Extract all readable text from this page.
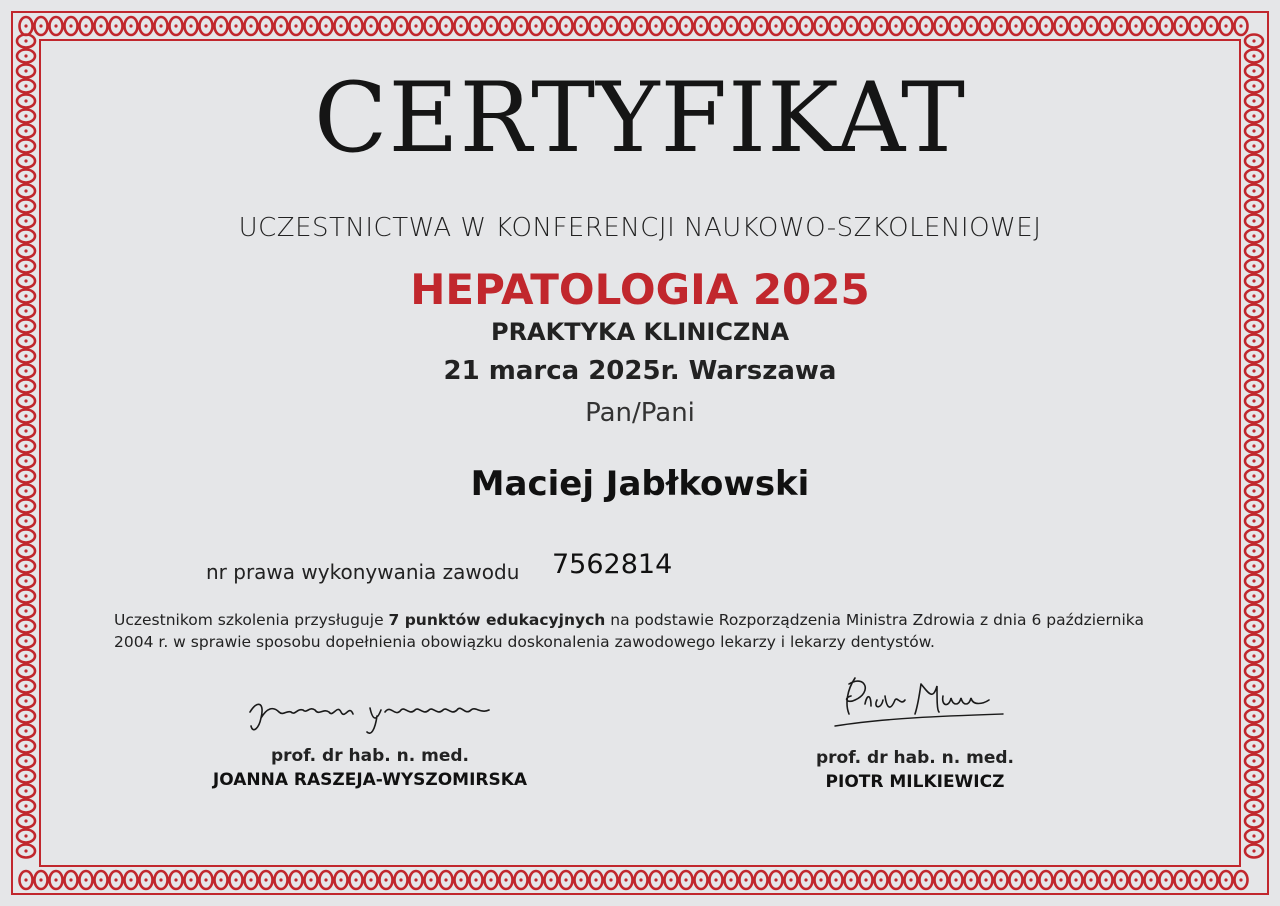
CERTYFIKAT
UCZESTNICTWA W KONFERENCJI NAUKOWO-SZKOLENIOWEJ
HEPATOLOGIA 2025
PRAKTYKA KLINICZNA
21 marca 2025r. Warszawa
Pan/Pani
Maciej Jabłkowski
nr prawa wykonywania zawodu 7562814
Uczestnikom szkolenia przysługuje 7 punktów edukacyjnych na podstawie Rozporządzenia Ministra Zdrowia z dnia 6 października 2004 r. w sprawie sposobu dopełnienia obowiązku doskonalenia zawodowego lekarzy i lekarzy dentystów.
prof. dr hab. n. med.
JOANNA RASZEJA-WYSZOMIRSKA
prof. dr hab. n. med.
PIOTR MILKIEWICZ
